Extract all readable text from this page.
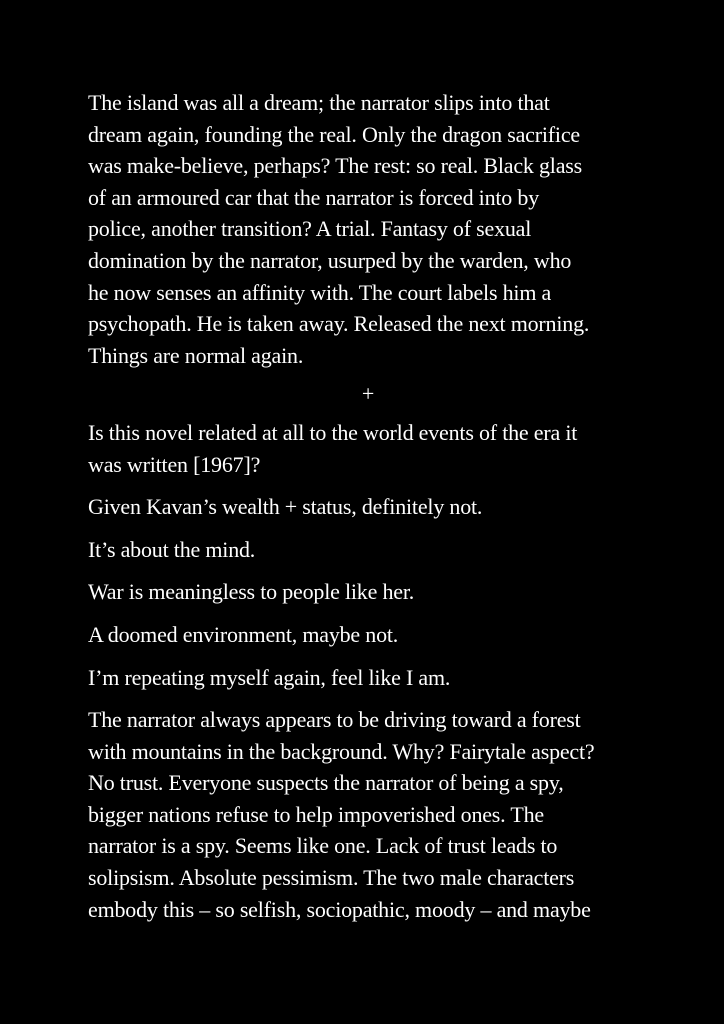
The island was all a dream; the narrator slips into that
dream again, founding the real. Only the dragon sacrifice
was make-believe, perhaps? The rest: so real. Black glass
of an armoured car that the narrator is forced into by
police, another transition? A trial. Fantasy of sexual
domination by the narrator, usurped by the warden, who
he now senses an affinity with. The court labels him a
psychopath. He is taken away. Released the next morning.
Things are normal again.

+

Is this novel related at all to the world events of the era it
was written [1967]?

Given Kavan’s wealth + status, definitely not.

It’s about the mind.

War is meaningless to people like her.

A doomed environment, maybe not.

I’m repeating myself again, feel like I am.

The narrator always appears to be driving toward a forest
with mountains in the background. Why? Fairytale aspect?
No trust. Everyone suspects the narrator of being a spy,
bigger nations refuse to help impoverished ones. The
narrator is a spy. Seems like one. Lack of trust leads to
solipsism. Absolute pessimism. The two male characters
embody this – so selfish, sociopathic, moody – and maybe
